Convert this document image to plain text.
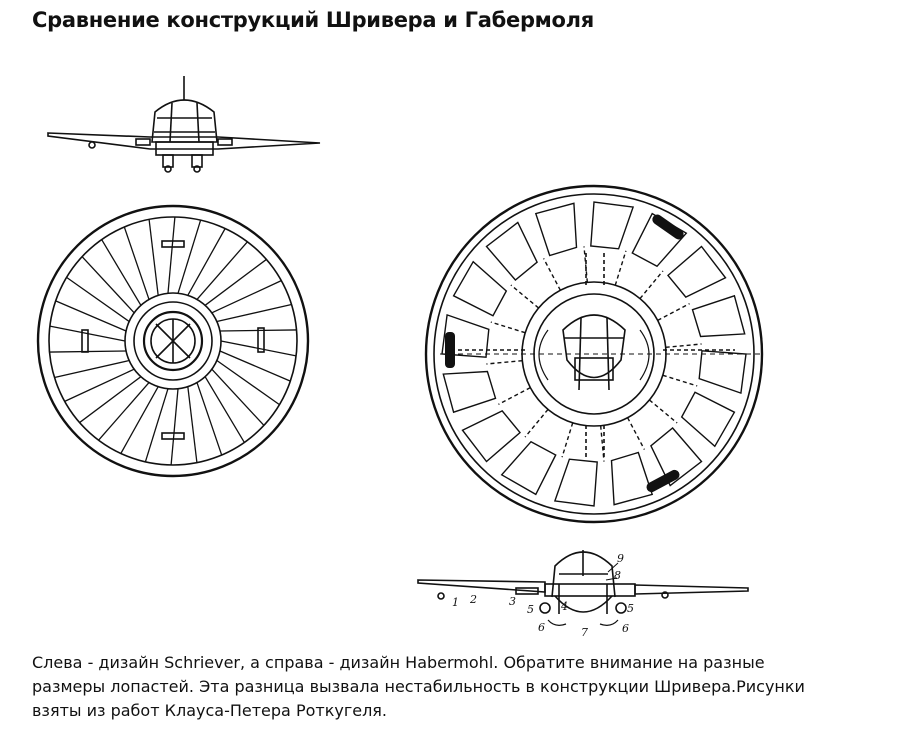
Сравнение конструкций Шривера и Габермоля
1 2	3	4
5	5
6	6
7
8
9
Слева - дизайн Schriever, а справа - дизайн Habermohl. Обратите внимание на разные
размеры лопастей. Эта разница вызвала нестабильность в конструкции Шривера.Рисунки
взяты из работ Клауса-Петера Роткугеля.
